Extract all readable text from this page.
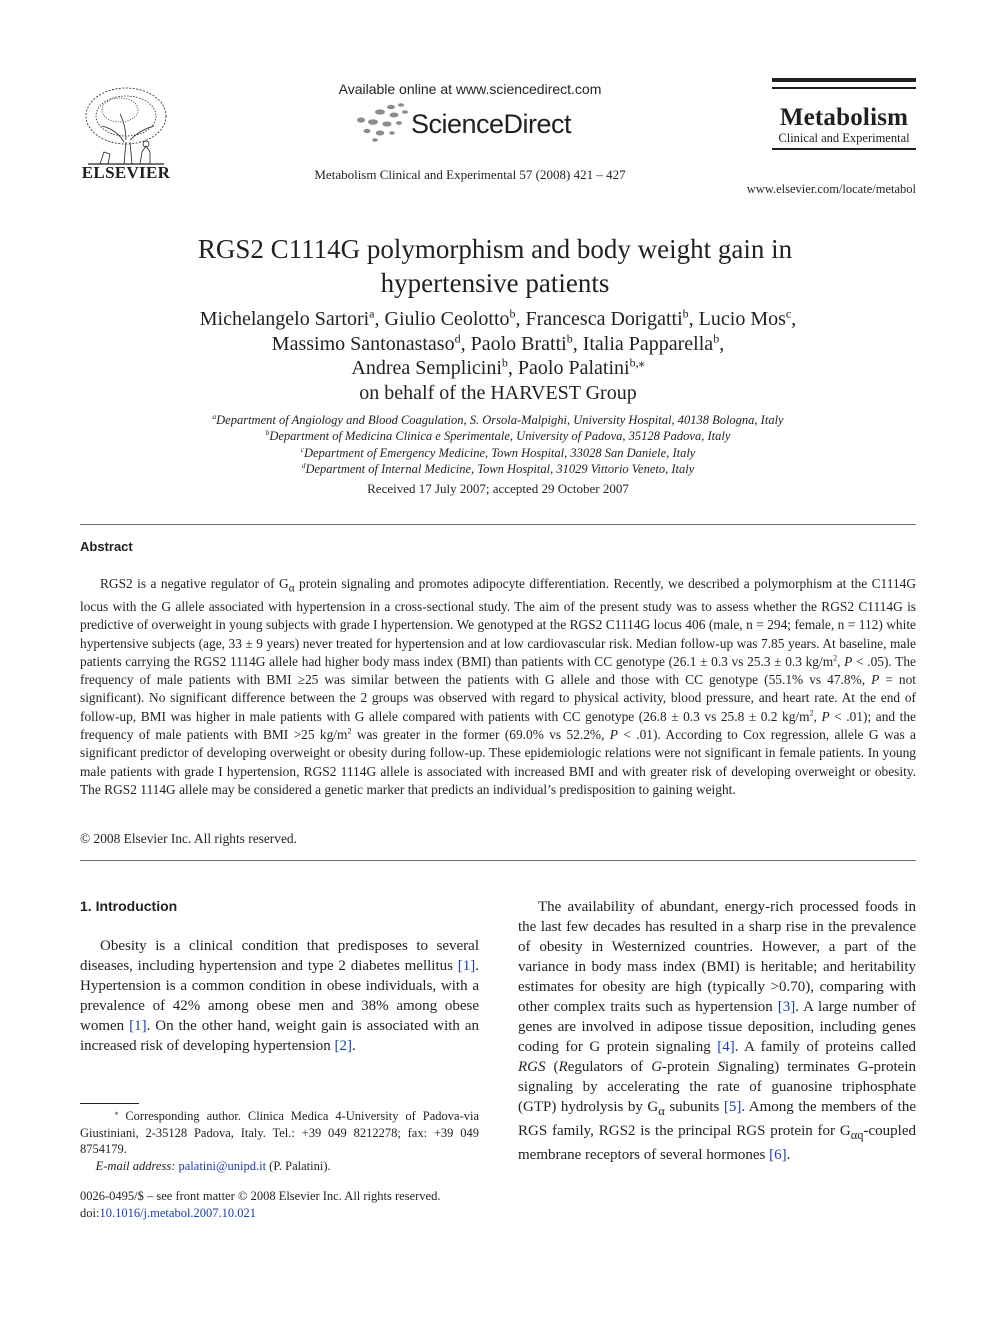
ELSEVIER
Available online at www.sciencedirect.com
ScienceDirect
Metabolism Clinical and Experimental 57 (2008) 421 – 427
Metabolism
Clinical and Experimental
www.elsevier.com/locate/metabol
RGS2 C1114G polymorphism and body weight gain in
hypertensive patients
Michelangelo Sartori$^a$, Giulio Ceolotto$^b$, Francesca Dorigatti$^b$, Lucio Mos$^c$,
Massimo Santonastaso$^d$, Paolo Bratti$^b$, Italia Papparella$^b$,
Andrea Semplicini$^b$, Paolo Palatini$^{b,⁎}$
on behalf of the HARVEST Group
$^a$Department of Angiology and Blood Coagulation, S. Orsola-Malpighi, University Hospital, 40138 Bologna, Italy
$^b$Department of Medicina Clinica e Sperimentale, University of Padova, 35128 Padova, Italy
$^c$Department of Emergency Medicine, Town Hospital, 33028 San Daniele, Italy
$^d$Department of Internal Medicine, Town Hospital, 31029 Vittorio Veneto, Italy
Received 17 July 2007; accepted 29 October 2007
Abstract

RGS2 is a negative regulator of $G_\alpha$ protein signaling and promotes adipocyte differentiation. Recently, we described a polymorphism at the C1114G locus with the G allele associated with hypertension in a cross-sectional study. The aim of the present study was to assess whether the RGS2 C1114G is predictive of overweight in young subjects with grade I hypertension. We genotyped at the RGS2 C1114G locus 406 (male, n = 294; female, n = 112) white hypertensive subjects (age, 33 ± 9 years) never treated for hypertension and at low cardiovascular risk. Median follow-up was 7.85 years. At baseline, male patients carrying the RGS2 1114G allele had higher body mass index (BMI) than patients with CC genotype (26.1 ± 0.3 vs 25.3 ± 0.3 $kg/m^2$, P < .05). The frequency of male patients with BMI ≥25 was similar between the patients with G allele and those with CC genotype (55.1% vs 47.8%, P = not significant). No significant difference between the 2 groups was observed with regard to physical activity, blood pressure, and heart rate. At the end of follow-up, BMI was higher in male patients with G allele compared with patients with CC genotype (26.8 ± 0.3 vs 25.8 ± 0.2 $kg/m^2$, P < .01); and the frequency of male patients with BMI >25 $kg/m^2$ was greater in the former (69.0% vs 52.2%, P < .01). According to Cox regression, allele G was a significant predictor of developing overweight or obesity during follow-up. These epidemiologic relations were not significant in female patients. In young male patients with grade I hypertension, RGS2 1114G allele is associated with increased BMI and with greater risk of developing overweight or obesity. The RGS2 1114G allele may be considered a genetic marker that predicts an individual’s predisposition to gaining weight.

© 2008 Elsevier Inc. All rights reserved.
1. Introduction

Obesity is a clinical condition that predisposes to several diseases, including hypertension and type 2 diabetes mellitus [1]. Hypertension is a common condition in obese individuals, with a prevalence of 42% among obese men and 38% among obese women [1]. On the other hand, weight gain is associated with an increased risk of developing hypertension [2].

The availability of abundant, energy-rich processed foods in the last few decades has resulted in a sharp rise in the prevalence of obesity in Westernized countries. However, a part of the variance in body mass index (BMI) is heritable; and heritability estimates for obesity are high (typically >0.70), comparing with other complex traits such as hypertension [3]. A large number of genes are involved in adipose tissue deposition, including genes coding for G protein signaling [4]. A family of proteins called RGS (Regulators of G-protein Signaling) terminates G-protein signaling by accelerating the rate of guanosine triphosphate (GTP) hydrolysis by $G_\alpha$ subunits [5]. Among the members of the RGS family, RGS2 is the principal RGS protein for $G_{\alpha q}$-coupled membrane receptors of several hormones [6].

⁎ Corresponding author. Clinica Medica 4-University of Padova-via Giustiniani, 2-35128 Padova, Italy. Tel.: +39 049 8212278; fax: +39 049 8754179.

E-mail address: palatini@unipd.it (P. Palatini).

0026-0495/$ – see front matter © 2008 Elsevier Inc. All rights reserved.
doi:10.1016/j.metabol.2007.10.021
